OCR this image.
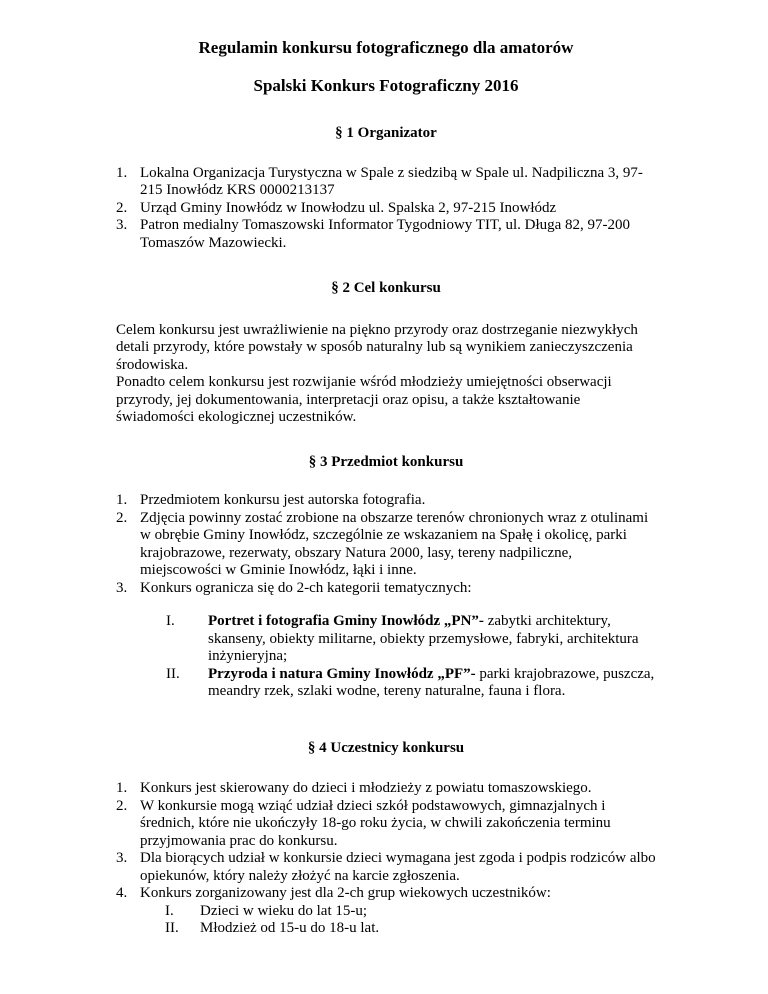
Regulamin konkursu fotograficznego dla amatorów
Spalski Konkurs Fotograficzny 2016
§ 1 Organizator
1. Lokalna Organizacja Turystyczna w Spale z siedzibą w Spale ul. Nadpiliczna 3, 97-215 Inowłódz KRS 0000213137
2. Urząd Gminy Inowłódz w Inowłodzu ul. Spalska 2, 97-215 Inowłódz
3. Patron medialny Tomaszowski Informator Tygodniowy TIT, ul. Długa 82, 97-200 Tomaszów Mazowiecki.
§ 2 Cel konkursu

Celem konkursu jest uwrażliwienie na piękno przyrody oraz dostrzeganie niezwykłych detali przyrody, które powstały w sposób naturalny lub są wynikiem zanieczyszczenia środowiska.

Ponadto celem konkursu jest rozwijanie wśród młodzieży umiejętności obserwacji przyrody, jej dokumentowania, interpretacji oraz opisu, a także kształtowanie świadomości ekologicznej uczestników.

§ 3 Przedmiot konkursu
1. Przedmiotem konkursu jest autorska fotografia.
2. Zdjęcia powinny zostać zrobione na obszarze terenów chronionych wraz z otulinami w obrębie Gminy Inowłódz, szczególnie ze wskazaniem na Spałę i okolicę, parki krajobrazowe, rezerwaty, obszary Natura 2000, lasy, tereny nadpiliczne, miejscowości w Gminie Inowłódz, łąki i inne.
3. Konkurs ogranicza się do 2-ch kategorii tematycznych:
I. Portret i fotografia Gminy Inowłódz „PN”- zabytki architektury, skanseny, obiekty militarne, obiekty przemysłowe, fabryki, architektura inżynieryjna;
II. Przyroda i natura Gminy Inowłódz „PF”- parki krajobrazowe, puszcza, meandry rzek, szlaki wodne, tereny naturalne, fauna i flora.
§ 4 Uczestnicy konkursu
1. Konkurs jest skierowany do dzieci i młodzieży z powiatu tomaszowskiego.
2. W konkursie mogą wziąć udział dzieci szkół podstawowych, gimnazjalnych i średnich, które nie ukończyły 18-go roku życia, w chwili zakończenia terminu przyjmowania prac do konkursu.
3. Dla biorących udział w konkursie dzieci wymagana jest zgoda i podpis rodziców albo opiekunów, który należy złożyć na karcie zgłoszenia.
4. Konkurs zorganizowany jest dla 2-ch grup wiekowych uczestników:
I. Dzieci w wieku do lat 15-u;
II. Młodzież od 15-u do 18-u lat.
